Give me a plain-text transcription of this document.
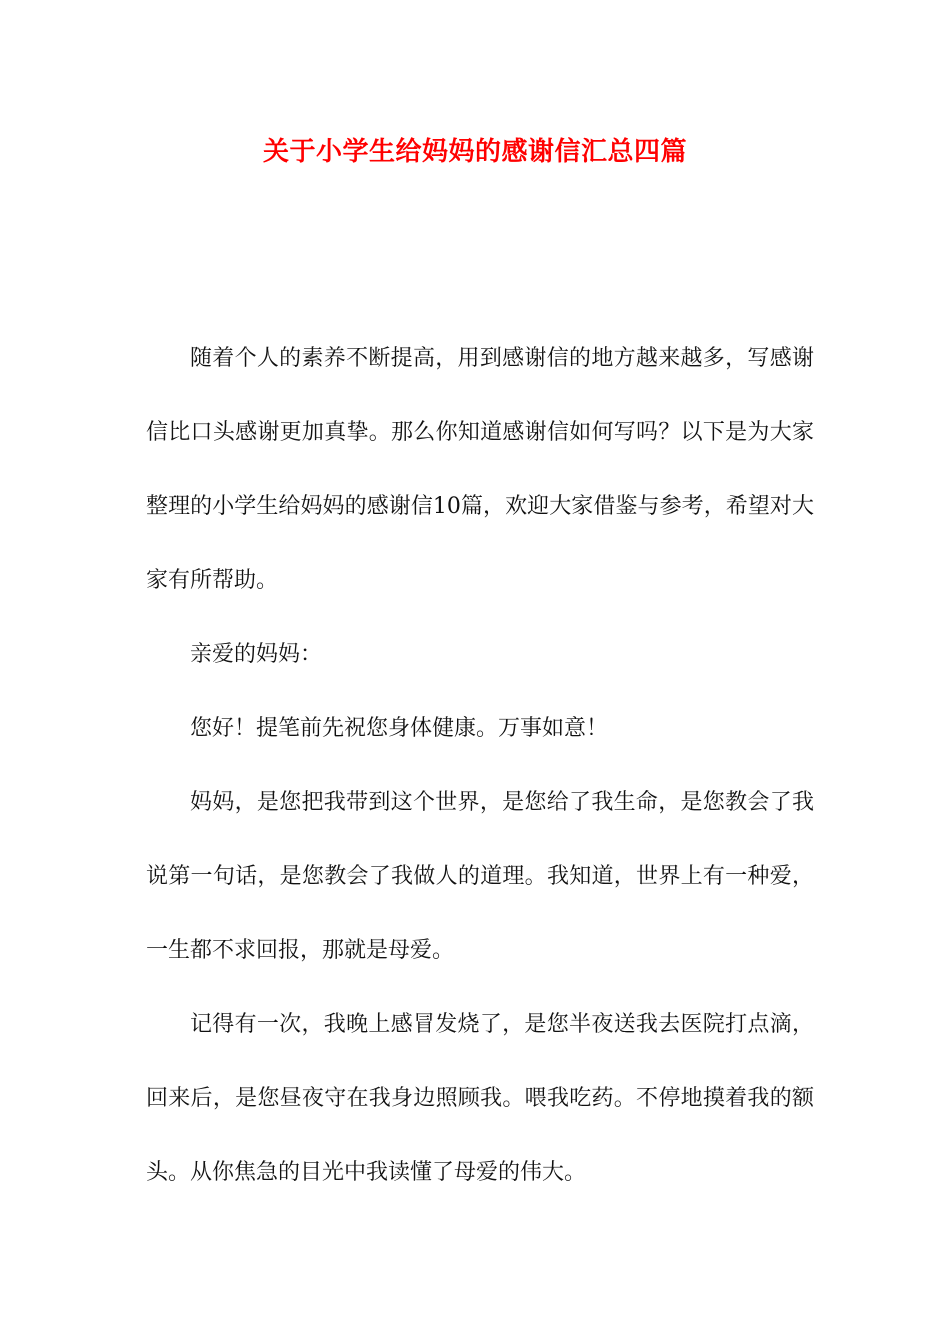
关于小学生给妈妈的感谢信汇总四篇

随着个人的素养不断提高，用到感谢信的地方越来越多，写感谢信比口头感谢更加真挚。那么你知道感谢信如何写吗？以下是为大家整理的小学生给妈妈的感谢信10篇，欢迎大家借鉴与参考，希望对大家有所帮助。

亲爱的妈妈：

您好！提笔前先祝您身体健康。万事如意！

妈妈，是您把我带到这个世界，是您给了我生命，是您教会了我说第一句话，是您教会了我做人的道理。我知道，世界上有一种爱，一生都不求回报，那就是母爱。

记得有一次，我晚上感冒发烧了，是您半夜送我去医院打点滴，回来后，是您昼夜守在我身边照顾我。喂我吃药。不停地摸着我的额头。从你焦急的目光中我读懂了母爱的伟大。
